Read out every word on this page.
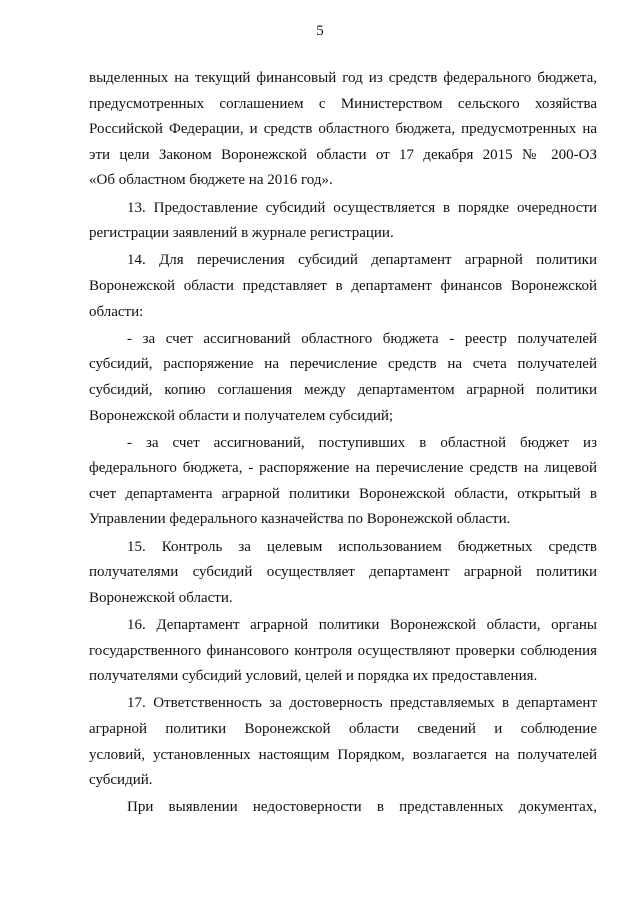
5
выделенных на текущий финансовый год из средств федерального бюджета,
предусмотренных соглашением с Министерством сельского хозяйства
Российской Федерации, и средств областного бюджета, предусмотренных на
эти цели Законом Воронежской области от 17 декабря 2015 № 200-ОЗ
«Об областном бюджете на 2016 год».
13. Предоставление субсидий осуществляется в порядке очередности
регистрации заявлений в журнале регистрации.
14. Для перечисления субсидий департамент аграрной политики
Воронежской области представляет в департамент финансов Воронежской
области:
- за счет ассигнований областного бюджета - реестр получателей
субсидий, распоряжение на перечисление средств на счета получателей
субсидий, копию соглашения между департаментом аграрной политики
Воронежской области и получателем субсидий;
- за счет ассигнований, поступивших в областной бюджет из
федерального бюджета, - распоряжение на перечисление средств на лицевой
счет департамента аграрной политики Воронежской области, открытый в
Управлении федерального казначейства по Воронежской области.
15. Контроль за целевым использованием бюджетных средств
получателями субсидий осуществляет департамент аграрной политики
Воронежской области.
16. Департамент аграрной политики Воронежской области, органы
государственного финансового контроля осуществляют проверки соблюдения
получателями субсидий условий, целей и порядка их предоставления.
17. Ответственность за достоверность представляемых в департамент
аграрной политики Воронежской области сведений и соблюдение
условий, установленных настоящим Порядком, возлагается на получателей
субсидий.
При выявлении недостоверности в представленных документах,
